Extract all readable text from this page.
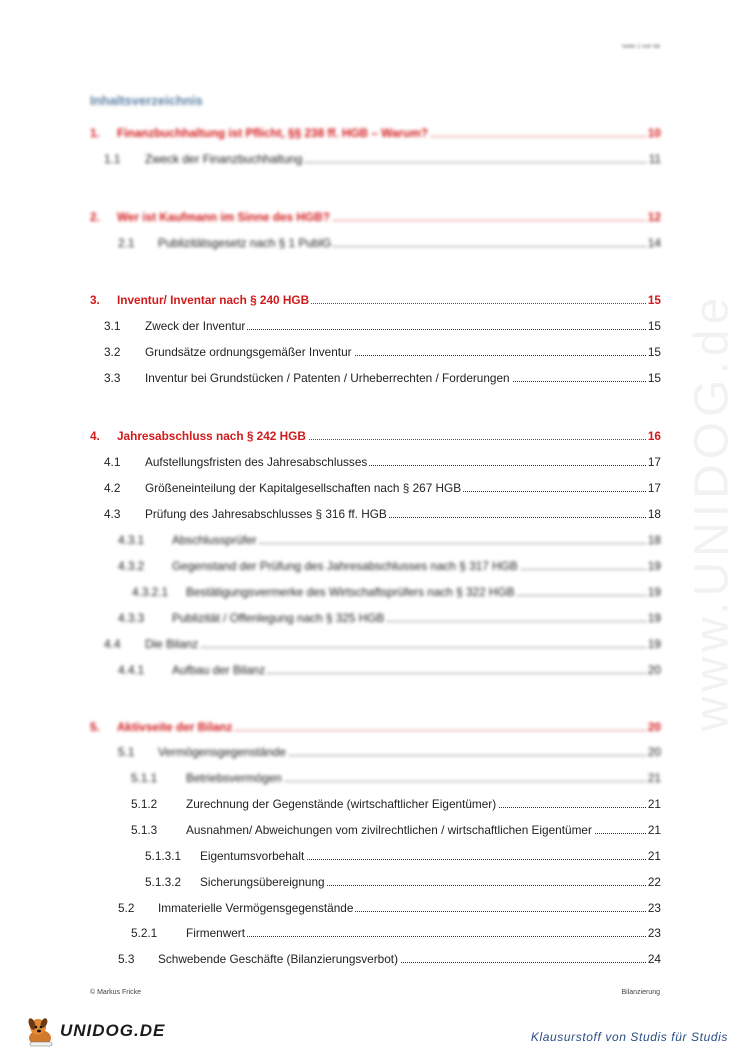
Seite 2 von 68
Inhaltsverzeichnis
1. Finanzbuchhaltung ist Pflicht, §§ 238 ff. HGB – Warum?	10
1.1 Zweck der Finanzbuchhaltung	11
2. Wer ist Kaufmann im Sinne des HGB?	12
2.1 Publizitätsgesetz nach § 1 PublG	14
3. Inventur/ Inventar nach § 240 HGB	15
3.1 Zweck der Inventur	15
3.2 Grundsätze ordnungsgemäßer Inventur	15
3.3 Inventur bei Grundstücken / Patenten / Urheberrechten / Forderungen	15
4. Jahresabschluss nach § 242 HGB	16
4.1 Aufstellungsfristen des Jahresabschlusses	17
4.2 Größeneinteilung der Kapitalgesellschaften nach § 267 HGB	17
4.3 Prüfung des Jahresabschlusses § 316 ff. HGB	18
4.3.1 Abschlussprüfer	18
4.3.2 Gegenstand der Prüfung des Jahresabschlusses nach § 317 HGB	19
4.3.2.1 Bestätigungsvermerke des Wirtschaftsprüfers nach § 322 HGB	19
4.3.3 Publizität / Offenlegung nach § 325 HGB	19
4.4 Die Bilanz	19
4.4.1 Aufbau der Bilanz	20
5. Aktivseite der Bilanz	20
5.1 Vermögensgegenstände	20
5.1.1 Betriebsvermögen	21
5.1.2 Zurechnung der Gegenstände (wirtschaftlicher Eigentümer)	21
5.1.3 Ausnahmen/ Abweichungen vom zivilrechtlichen / wirtschaftlichen Eigentümer	21
5.1.3.1 Eigentumsvorbehalt	21
5.1.3.2 Sicherungsübereignung	22
5.2 Immaterielle Vermögensgegenstände	23
5.2.1 Firmenwert	23
5.3 Schwebende Geschäfte (Bilanzierungsverbot)	24
www.UNIDOG.de
© Markus Fricke	Bilanzierung
UNIDOG.DE	Klausurstoff von Studis für Studis
